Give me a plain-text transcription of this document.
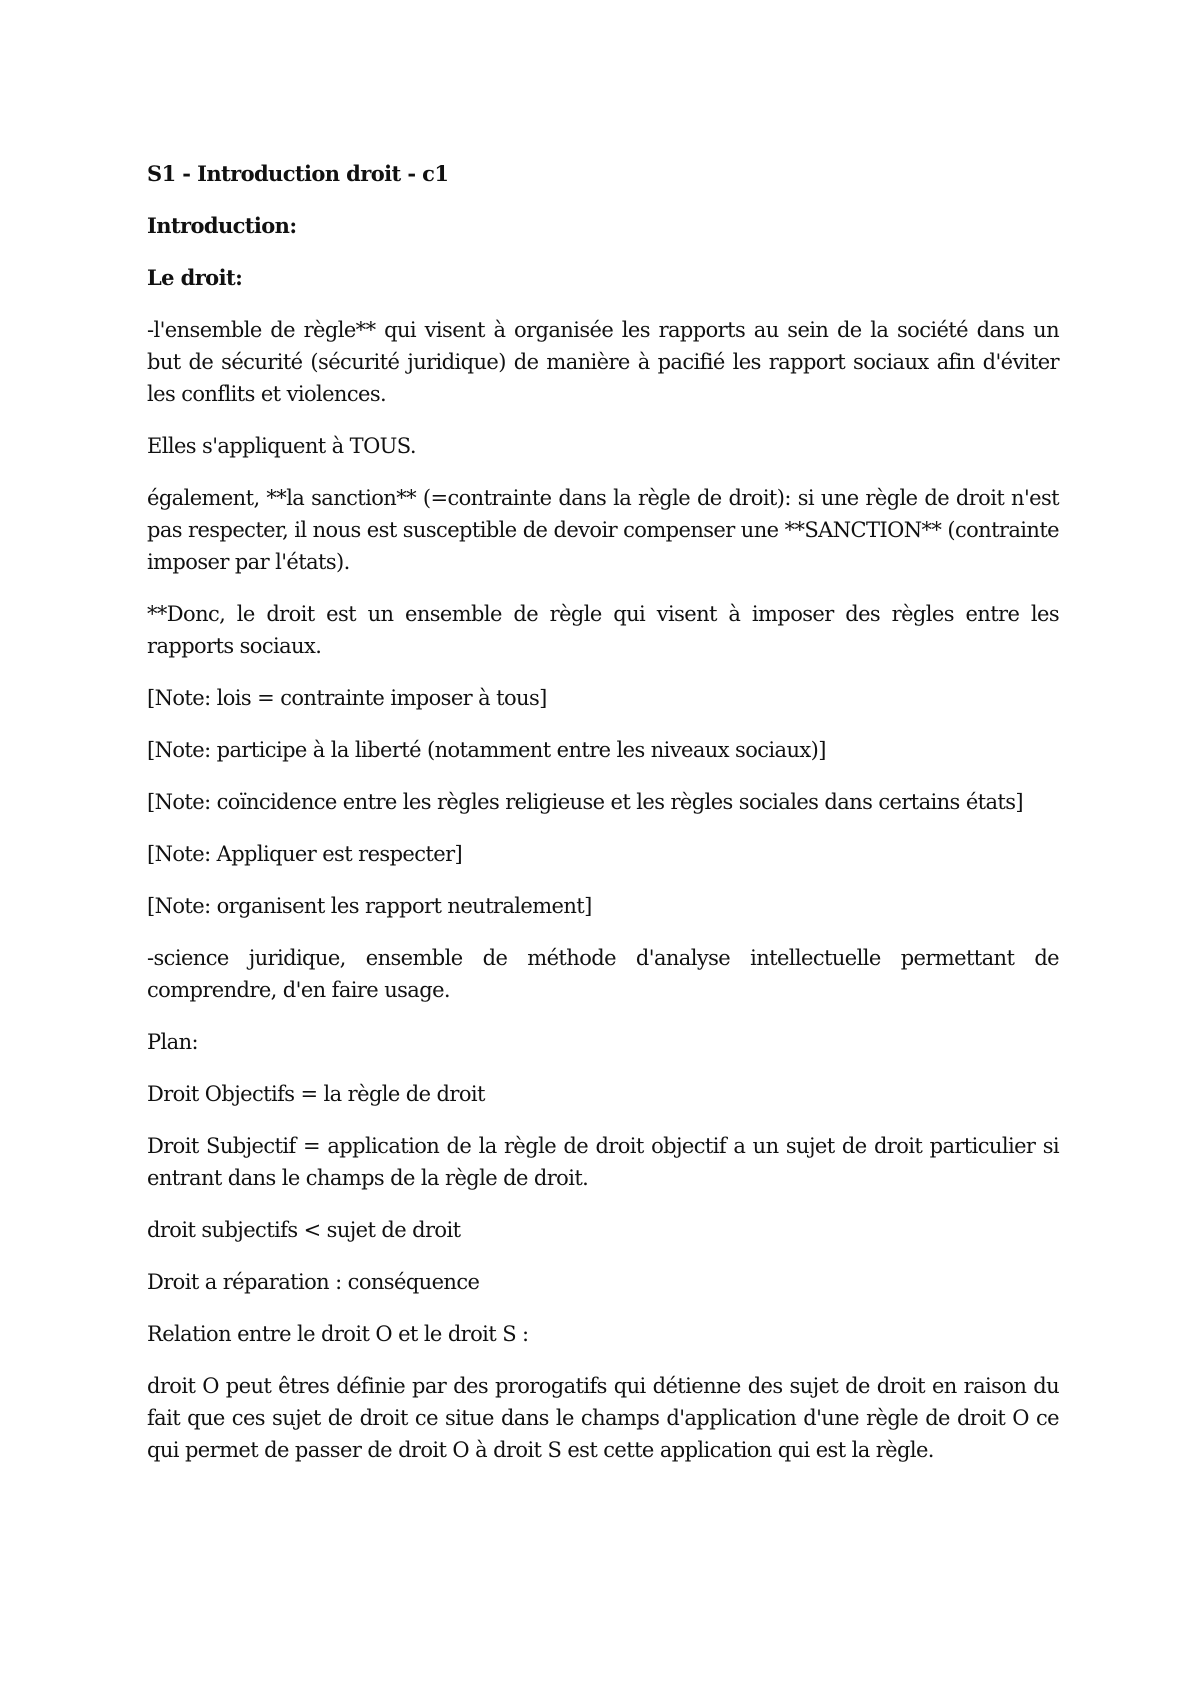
S1 - Introduction droit - c1

Introduction:

Le droit:

-l'ensemble de règle** qui visent à organisée les rapports au sein de la société dans un but de sécurité (sécurité juridique) de manière à pacifié les rapport sociaux afin d'éviter les conflits et violences.

Elles s'appliquent à TOUS.

également, **la sanction** (=contrainte dans la règle de droit): si une règle de droit n'est pas respecter, il nous est susceptible de devoir compenser une **SANCTION** (contrainte imposer par l'états).

**Donc, le droit est un ensemble de règle qui visent à imposer des règles entre les rapports sociaux.

[Note: lois = contrainte imposer à tous]

[Note: participe à la liberté (notamment entre les niveaux sociaux)]

[Note: coïncidence entre les règles religieuse et les règles sociales dans certains états]

[Note: Appliquer est respecter]

[Note: organisent les rapport neutralement]

-science juridique, ensemble de méthode d'analyse intellectuelle permettant de comprendre, d'en faire usage.

Plan:

Droit Objectifs = la règle de droit

Droit Subjectif = application de la règle de droit objectif a un sujet de droit particulier si entrant dans le champs de la règle de droit.

droit subjectifs < sujet de droit

Droit a réparation : conséquence

Relation entre le droit O et le droit S :

droit O peut êtres définie par des prorogatifs qui détienne des sujet de droit en raison du fait que ces sujet de droit ce situe dans le champs d'application d'une règle de droit O ce qui permet de passer de droit O à droit S est cette application qui est la règle.
